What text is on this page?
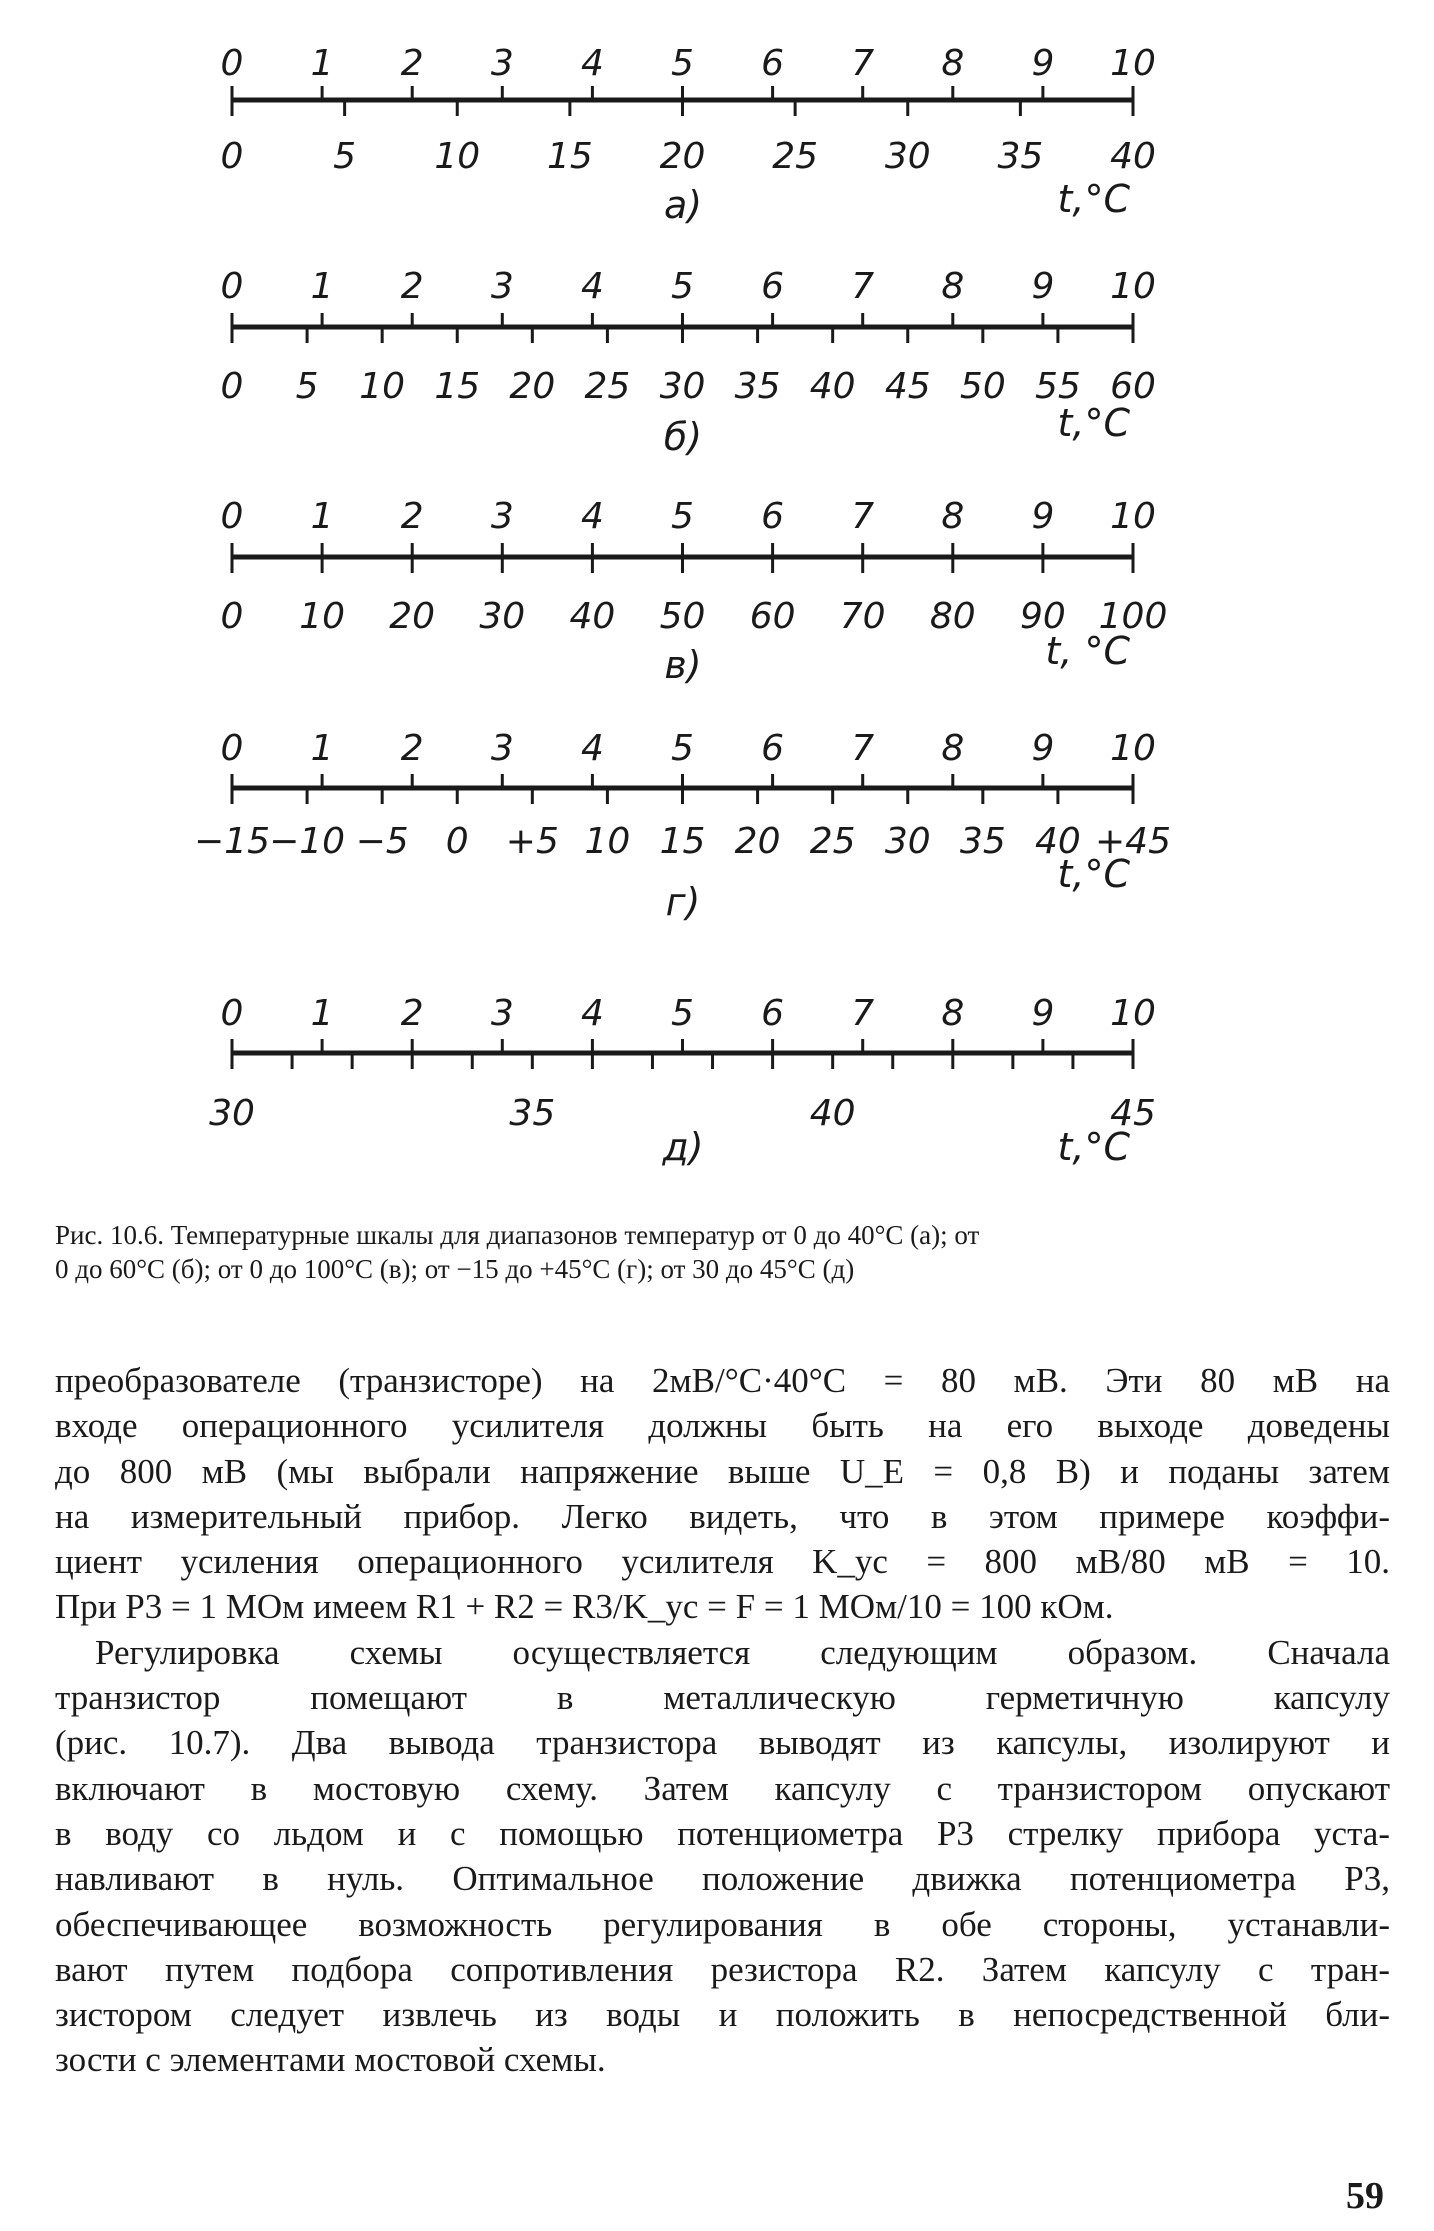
0 1 2 3 4 5 6 7 8 9 10
0 5 10 15 20 25 30 35 40
а)	t,°C
0 1 2 3 4 5 6 7 8 9 10
0 5 10 15 20 25 30 35 40 45 50 55 60
б)	t,°C
0 1 2 3 4 5 6 7 8 9 10
0 10 20 30 40 50 60 70 80 90 100
в)	t, °C
0 1 2 3 4 5 6 7 8 9 10
−15 −10 −5 0 +5 10 15 20 25 30 35 40 +45
г)
t,°C
0 1 2 3 4 5 6 7 8 9 10
30	35	40	45
д)	t,°C
Рис. 10.6. Температурные шкалы для диапазонов температур от 0 до 40°С (а); от
0 до 60°С (б); от 0 до 100°С (в); от −15 до +45°С (г); от 30 до 45°С (д)
преобразователе (транзисторе) на 2мВ/°С·40°С = 80 мВ. Эти 80 мВ на
входе операционного усилителя должны быть на его выходе доведены
до 800 мВ (мы выбрали напряжение выше U_E = 0,8 В) и поданы затем
на измерительный прибор. Легко видеть, что в этом примере коэффи-
циент усиления операционного усилителя K_ус = 800 мВ/80 мВ = 10.
При P3 = 1 МОм имеем R1 + R2 = R3/K_ус = F = 1 МОм/10 = 100 кОм.
Регулировка схемы осуществляется следующим образом. Сначала
транзистор помещают в металлическую герметичную капсулу
(рис. 10.7). Два вывода транзистора выводят из капсулы, изолируют и
включают в мостовую схему. Затем капсулу с транзистором опускают
в воду со льдом и с помощью потенциометра P3 стрелку прибора уста-
навливают в нуль. Оптимальное положение движка потенциометра P3,
обеспечивающее возможность регулирования в обе стороны, устанавли-
вают путем подбора сопротивления резистора R2. Затем капсулу с тран-
зистором следует извлечь из воды и положить в непосредственной бли-
зости с элементами мостовой схемы.
59
